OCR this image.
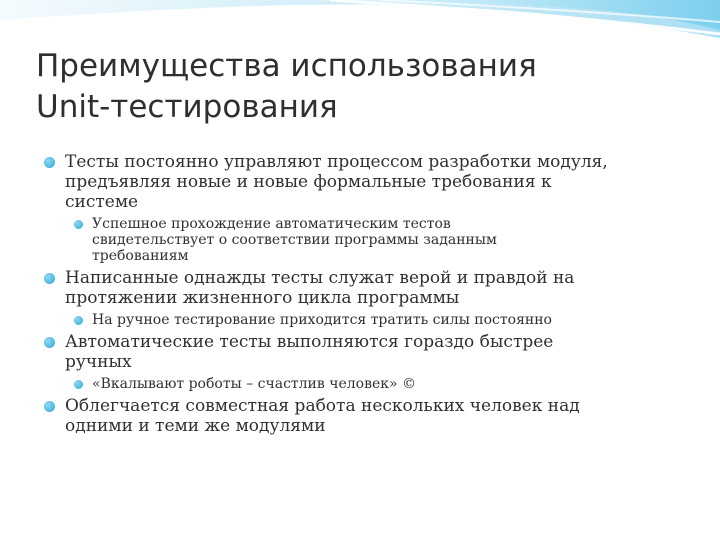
Преимущества использования
Unit-тестирования
Тесты постоянно управляют процессом разработки модуля,
предъявляя новые и новые формальные требования к
системе
Успешное прохождение автоматическим тестов
свидетельствует о соответствии программы заданным
требованиям
Написанные однажды тесты служат верой и правдой на
протяжении жизненного цикла программы
На ручное тестирование приходится тратить силы постоянно
Автоматические тесты выполняются гораздо быстрее
ручных
«Вкалывают роботы – счастлив человек» ©
Облегчается совместная работа нескольких человек над
одними и теми же модулями
